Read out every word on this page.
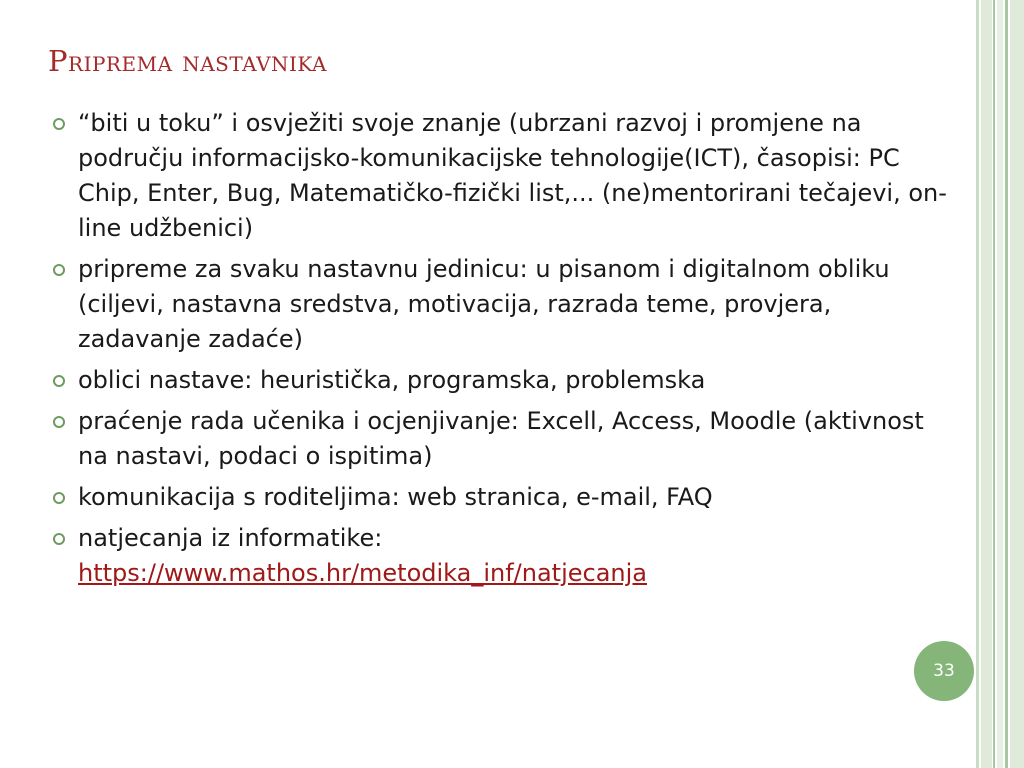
Priprema nastavnika
“biti u toku” i osvježiti svoje znanje (ubrzani razvoj i promjene na području informacijsko-komunikacijske tehnologije(ICT), časopisi: PC Chip, Enter, Bug, Matematičko-fizički list,... (ne)mentorirani tečajevi, on-line udžbenici)
pripreme za svaku nastavnu jedinicu: u pisanom i digitalnom obliku (ciljevi, nastavna sredstva, motivacija, razrada teme, provjera, zadavanje zadaće)
oblici nastave: heuristička, programska, problemska
praćenje rada učenika i ocjenjivanje: Excell, Access, Moodle (aktivnost na nastavi, podaci o ispitima)
komunikacija s roditeljima: web stranica, e-mail, FAQ
natjecanja iz informatike:
https://www.mathos.hr/metodika_inf/natjecanja
33
